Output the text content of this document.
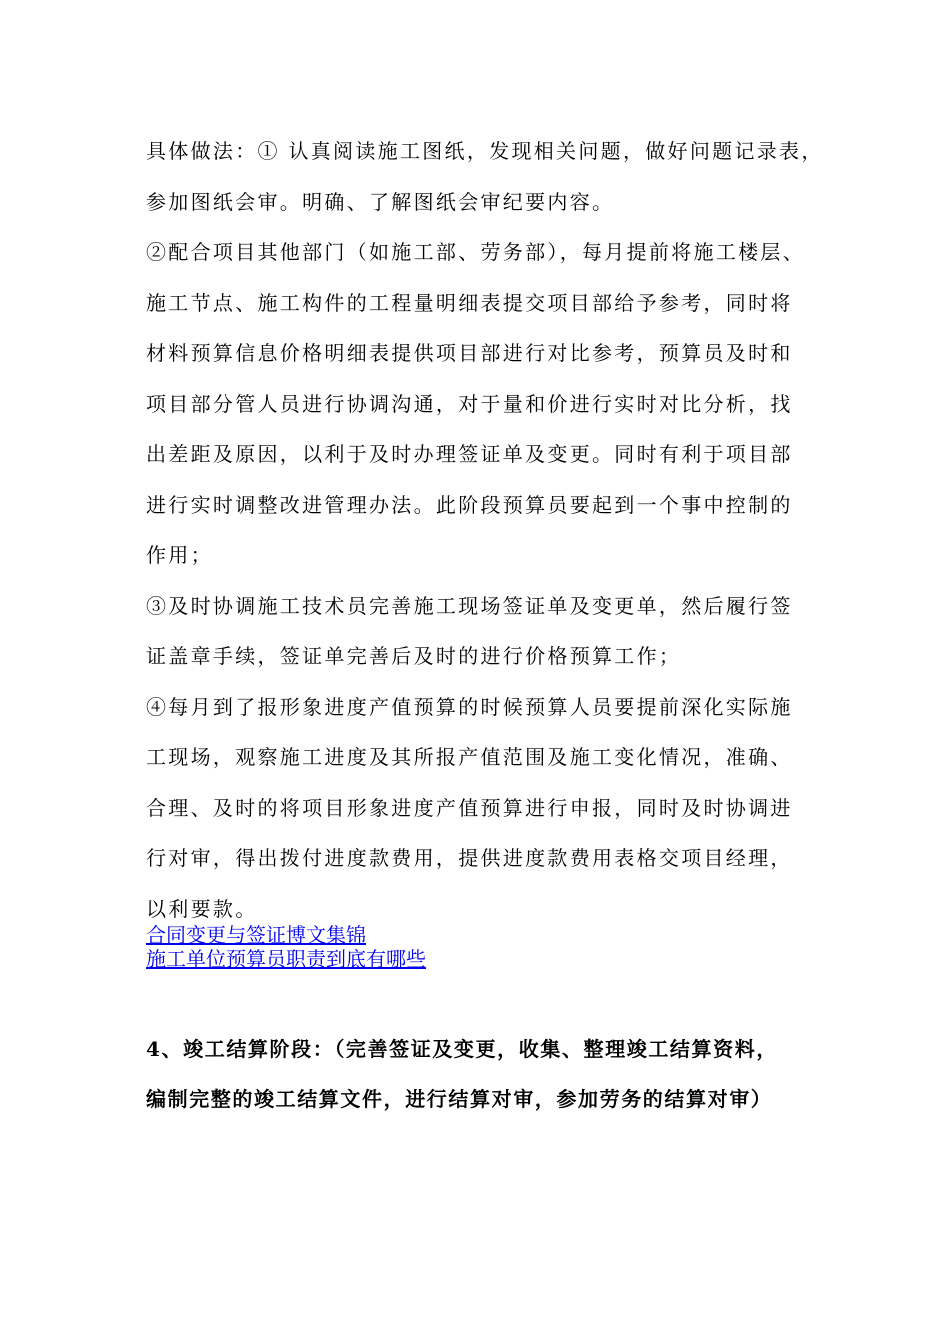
具体做法：① 认真阅读施工图纸，发现相关问题，做好问题记录表，
参加图纸会审。明确、了解图纸会审纪要内容。
②配合项目其他部门（如施工部、劳务部），每月提前将施工楼层、
施工节点、施工构件的工程量明细表提交项目部给予参考，同时将
材料预算信息价格明细表提供项目部进行对比参考，预算员及时和
项目部分管人员进行协调沟通，对于量和价进行实时对比分析，找
出差距及原因，以利于及时办理签证单及变更。同时有利于项目部
进行实时调整改进管理办法。此阶段预算员要起到一个事中控制的
作用；
③及时协调施工技术员完善施工现场签证单及变更单，然后履行签
证盖章手续，签证单完善后及时的进行价格预算工作；
④每月到了报形象进度产值预算的时候预算人员要提前深化实际施
工现场，观察施工进度及其所报产值范围及施工变化情况，准确、
合理、及时的将项目形象进度产值预算进行申报，同时及时协调进
行对审，得出拨付进度款费用，提供进度款费用表格交项目经理，
以利要款。
合同变更与签证博文集锦
施工单位预算员职责到底有哪些
4、竣工结算阶段：（完善签证及变更，收集、整理竣工结算资料，
编制完整的竣工结算文件，进行结算对审，参加劳务的结算对审）
